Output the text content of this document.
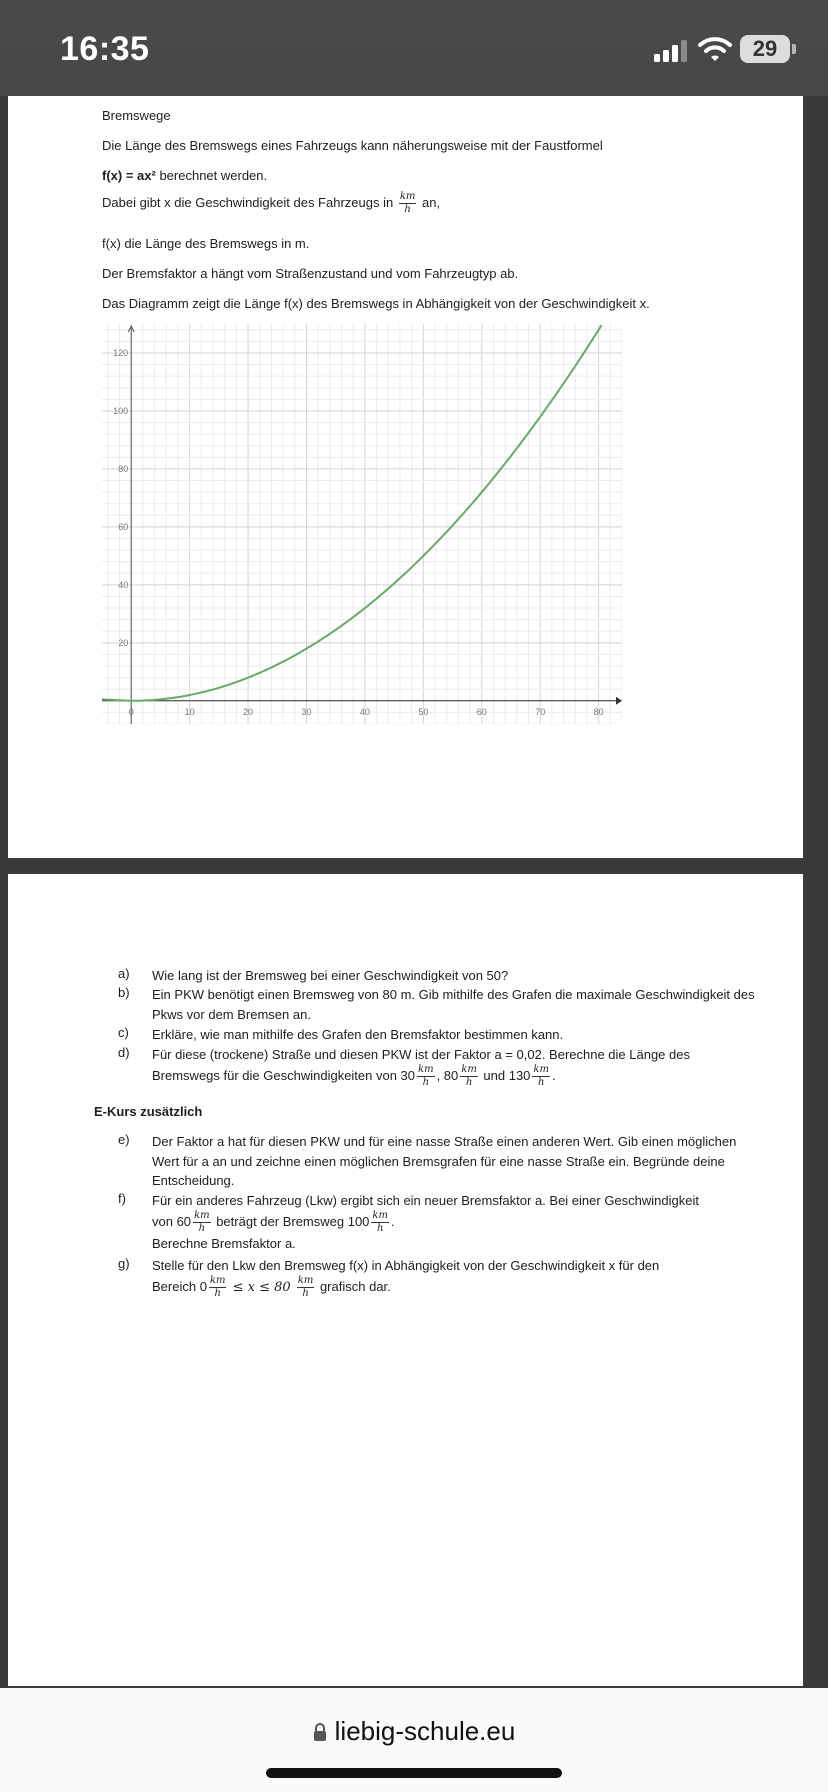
16:35	29
Bremswege
Die Länge des Bremswegs eines Fahrzeugs kann näherungsweise mit der Faustformel
f(x) = ax² berechnet werden.
Dabei gibt x die Geschwindigkeit des Fahrzeugs in $\frac{km}{h}$ an,
f(x) die Länge des Bremswegs in m.
Der Bremsfaktor a hängt vom Straßenzustand und vom Fahrzeugtyp ab.
Das Diagramm zeigt die Länge f(x) des Bremswegs in Abhängigkeit von der Geschwindigkeit x.
0	10	20	30	40	50	60	70	80
20
40
60
80
100
120
a) Wie lang ist der Bremsweg bei einer Geschwindigkeit von 50?
b) Ein PKW benötigt einen Bremsweg von 80 m. Gib mithilfe des Grafen die maximale Geschwindigkeit des Pkws vor dem Bremsen an.
c) Erkläre, wie man mithilfe des Grafen den Bremsfaktor bestimmen kann.
d) Für diese (trockene) Straße und diesen PKW ist der Faktor a = 0,02. Berechne die Länge des
Bremswegs für die Geschwindigkeiten von $30 \frac{km}{h}$ , $80 \frac{km}{h}$ und $130 \frac{km}{h}$ .
E-Kurs zusätzlich
e) Der Faktor a hat für diesen PKW und für eine nasse Straße einen anderen Wert. Gib einen möglichen Wert für a an und zeichne einen möglichen Bremsgrafen für eine nasse Straße ein. Begründe deine Entscheidung.
f) Für ein anderes Fahrzeug (Lkw) ergibt sich ein neuer Bremsfaktor a. Bei einer Geschwindigkeit
von $60 \frac{km}{h}$ beträgt der Bremsweg $100 \frac{km}{h}$ .
Berechne Bremsfaktor a.
g) Stelle für den Lkw den Bremsweg f(x) in Abhängigkeit von der Geschwindigkeit x für den
Bereich $0 \frac{km}{h} \le x \le 80 \frac{km}{h}$ grafisch dar.
liebig-schule.eu
